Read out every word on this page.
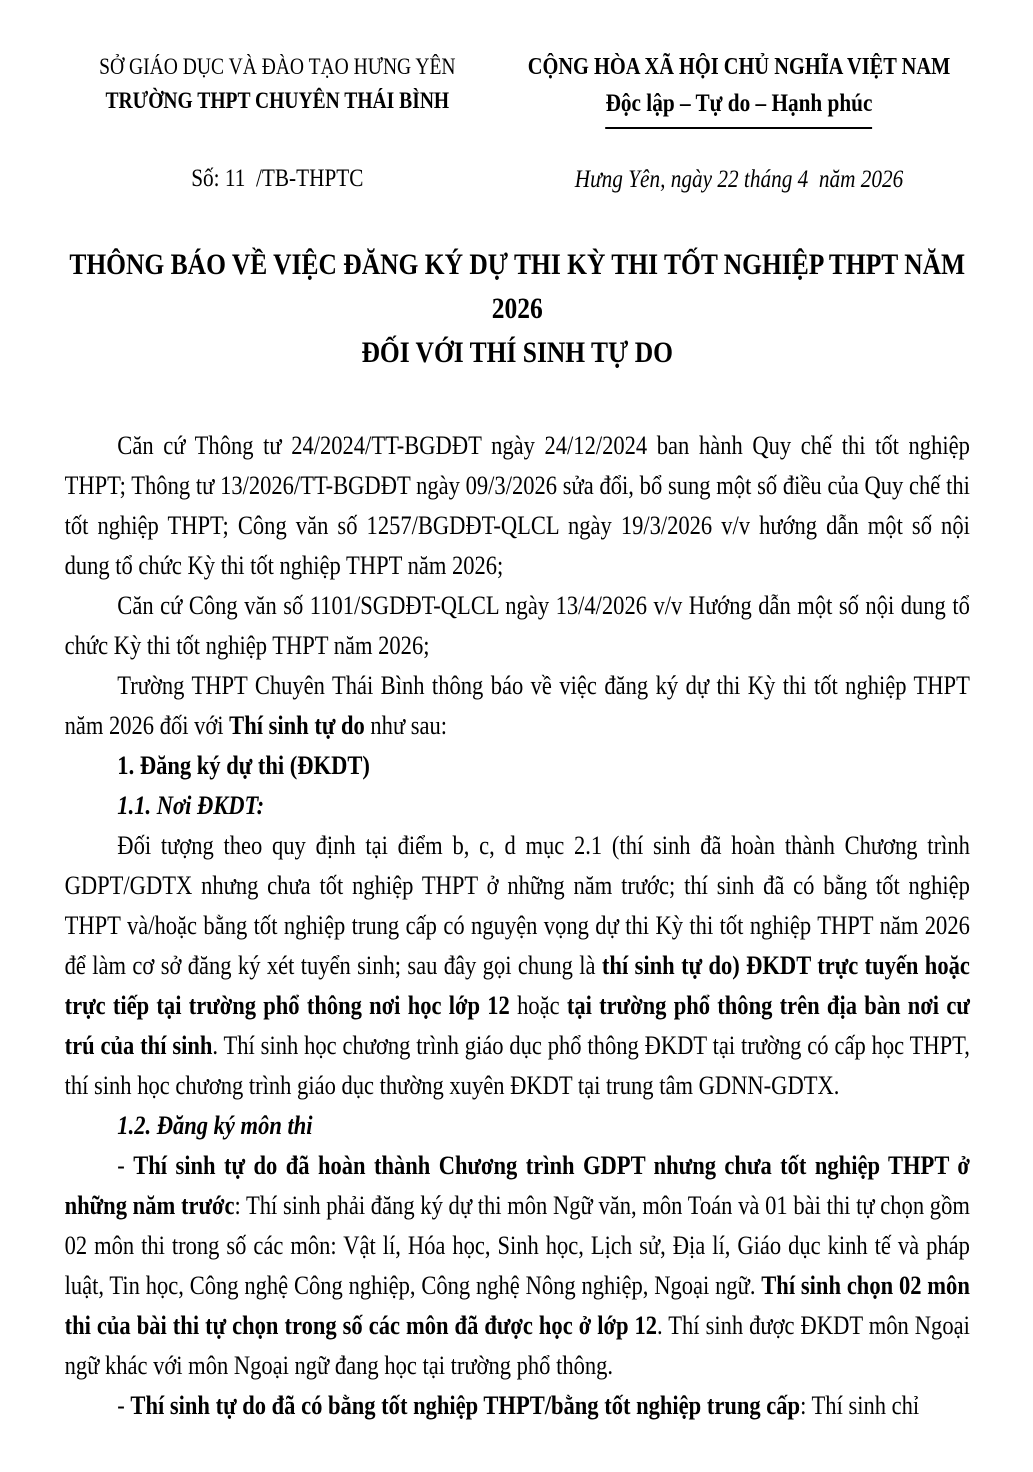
SỞ GIÁO DỤC VÀ ĐÀO TẠO HƯNG YÊN
TRƯỜNG THPT CHUYÊN THÁI BÌNH
Số: 11  /TB-THPTC
CỘNG HÒA XÃ HỘI CHỦ NGHĨA VIỆT NAM
Độc lập – Tự do – Hạnh phúc
Hưng Yên, ngày 22 tháng 4  năm 2026
THÔNG BÁO VỀ VIỆC ĐĂNG KÝ DỰ THI KỲ THI TỐT NGHIỆP THPT NĂM 2026
ĐỐI VỚI THÍ SINH TỰ DO

Căn cứ Thông tư 24/2024/TT-BGDĐT ngày 24/12/2024 ban hành Quy chế thi tốt nghiệp THPT; Thông tư 13/2026/TT-BGDĐT ngày 09/3/2026 sửa đổi, bổ sung một số điều của Quy chế thi tốt nghiệp THPT; Công văn số 1257/BGDĐT-QLCL ngày 19/3/2026 v/v hướng dẫn một số nội dung tổ chức Kỳ thi tốt nghiệp THPT năm 2026;

Căn cứ Công văn số 1101/SGDĐT-QLCL ngày 13/4/2026 v/v Hướng dẫn một số nội dung tổ chức Kỳ thi tốt nghiệp THPT năm 2026;

Trường THPT Chuyên Thái Bình thông báo về việc đăng ký dự thi Kỳ thi tốt nghiệp THPT năm 2026 đối với Thí sinh tự do như sau:

1. Đăng ký dự thi (ĐKDT)

1.1. Nơi ĐKDT:

Đối tượng theo quy định tại điểm b, c, d mục 2.1 (thí sinh đã hoàn thành Chương trình GDPT/GDTX nhưng chưa tốt nghiệp THPT ở những năm trước; thí sinh đã có bằng tốt nghiệp THPT và/hoặc bằng tốt nghiệp trung cấp có nguyện vọng dự thi Kỳ thi tốt nghiệp THPT năm 2026 để làm cơ sở đăng ký xét tuyển sinh; sau đây gọi chung là thí sinh tự do) ĐKDT trực tuyến hoặc trực tiếp tại trường phổ thông nơi học lớp 12 hoặc tại trường phổ thông trên địa bàn nơi cư trú của thí sinh. Thí sinh học chương trình giáo dục phổ thông ĐKDT tại trường có cấp học THPT, thí sinh học chương trình giáo dục thường xuyên ĐKDT tại trung tâm GDNN-GDTX.

1.2. Đăng ký môn thi

- Thí sinh tự do đã hoàn thành Chương trình GDPT nhưng chưa tốt nghiệp THPT ở những năm trước: Thí sinh phải đăng ký dự thi môn Ngữ văn, môn Toán và 01 bài thi tự chọn gồm 02 môn thi trong số các môn: Vật lí, Hóa học, Sinh học, Lịch sử, Địa lí, Giáo dục kinh tế và pháp luật, Tin học, Công nghệ Công nghiệp, Công nghệ Nông nghiệp, Ngoại ngữ. Thí sinh chọn 02 môn thi của bài thi tự chọn trong số các môn đã được học ở lớp 12. Thí sinh được ĐKDT môn Ngoại ngữ khác với môn Ngoại ngữ đang học tại trường phổ thông.

- Thí sinh tự do đã có bằng tốt nghiệp THPT/bằng tốt nghiệp trung cấp: Thí sinh chỉ
